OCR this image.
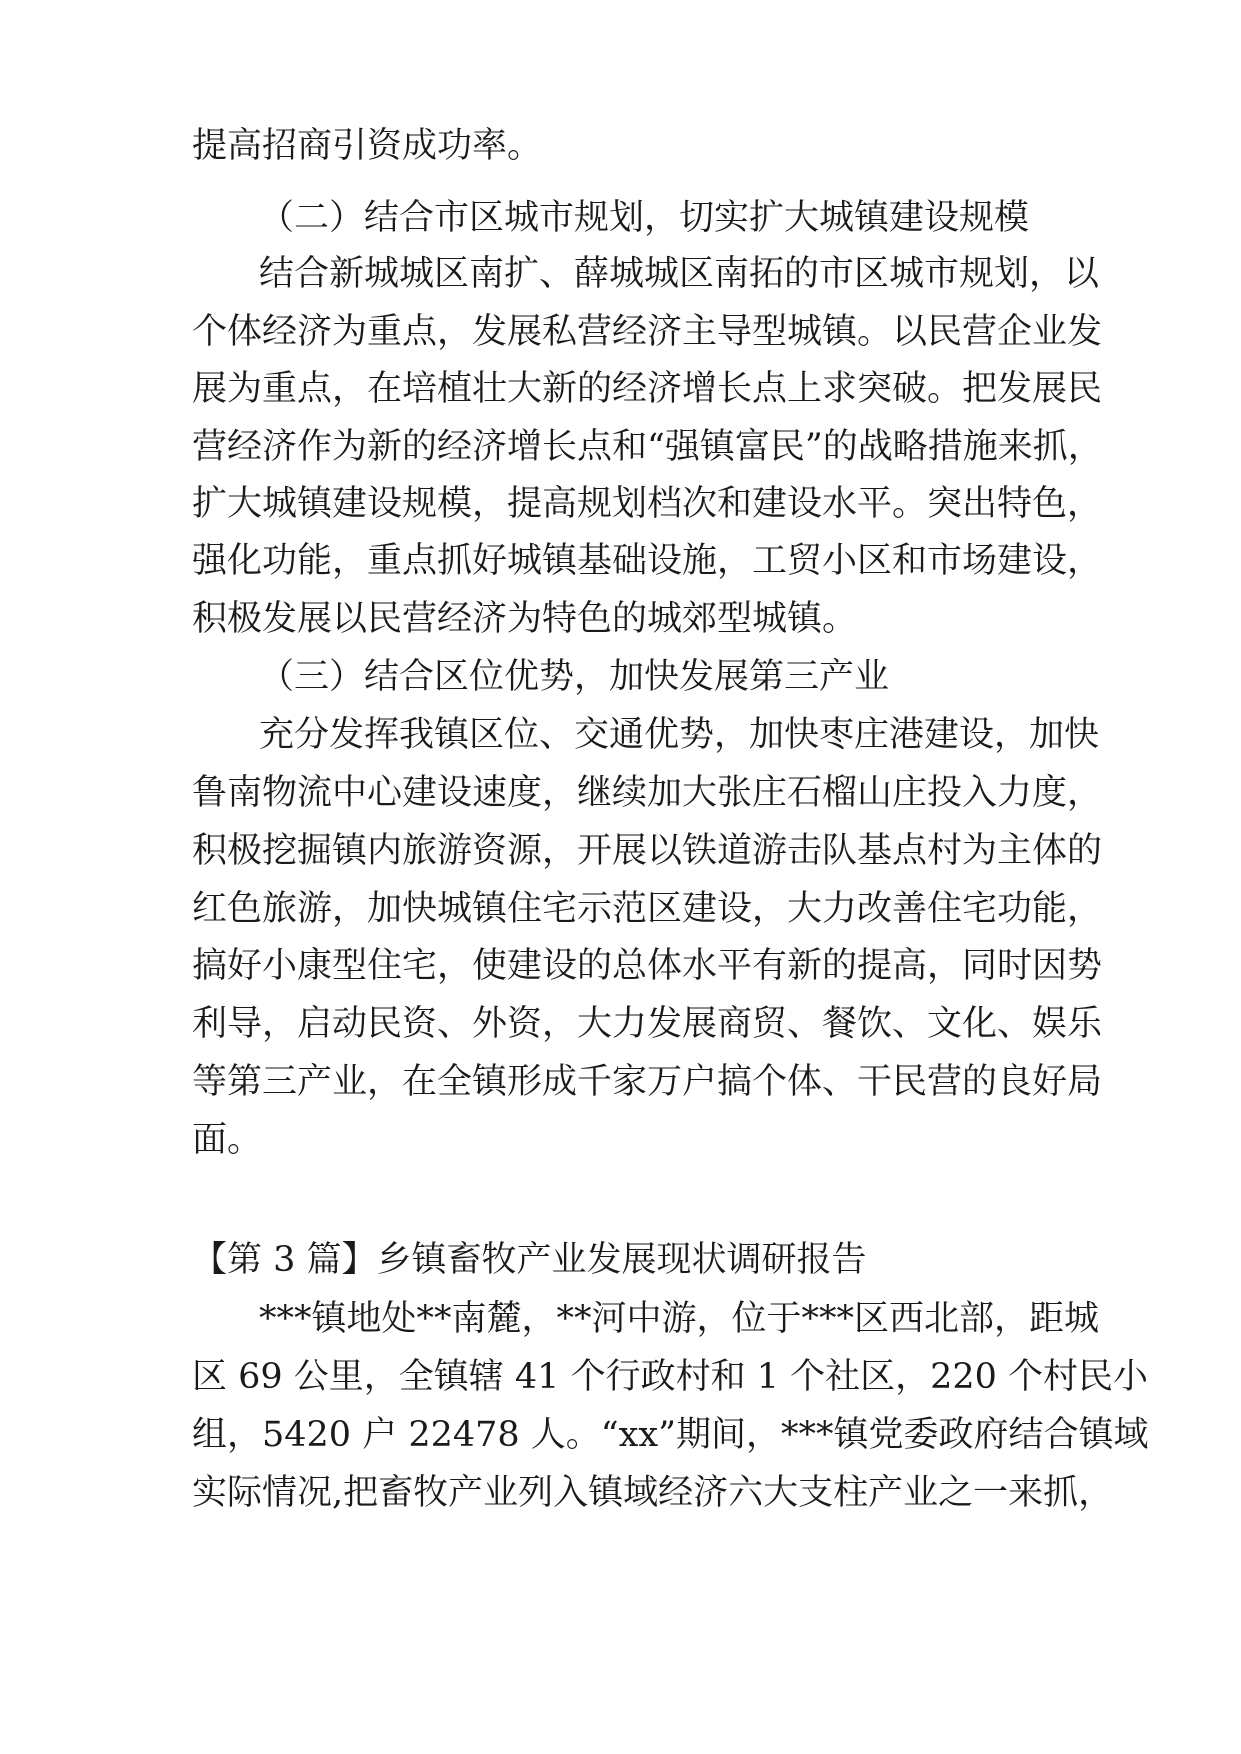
提高招商引资成功率。
（二）结合市区城市规划，切实扩大城镇建设规模
结合新城城区南扩、薛城城区南拓的市区城市规划，以
个体经济为重点，发展私营经济主导型城镇。以民营企业发
展为重点，在培植壮大新的经济增长点上求突破。把发展民
营经济作为新的经济增长点和“强镇富民”的战略措施来抓，
扩大城镇建设规模，提高规划档次和建设水平。突出特色，
强化功能，重点抓好城镇基础设施，工贸小区和市场建设，
积极发展以民营经济为特色的城郊型城镇。
（三）结合区位优势，加快发展第三产业
充分发挥我镇区位、交通优势，加快枣庄港建设，加快
鲁南物流中心建设速度，继续加大张庄石榴山庄投入力度，
积极挖掘镇内旅游资源，开展以铁道游击队基点村为主体的
红色旅游，加快城镇住宅示范区建设，大力改善住宅功能，
搞好小康型住宅，使建设的总体水平有新的提高，同时因势
利导，启动民资、外资，大力发展商贸、餐饮、文化、娱乐
等第三产业，在全镇形成千家万户搞个体、干民营的良好局
面。
【第 3 篇】乡镇畜牧产业发展现状调研报告
***镇地处**南麓，**河中游，位于***区西北部，距城
区 69 公里，全镇辖 41 个行政村和 1 个社区，220 个村民小
组，5420 户 22478 人。“xx”期间，***镇党委政府结合镇域
实际情况,把畜牧产业列入镇域经济六大支柱产业之一来抓，
